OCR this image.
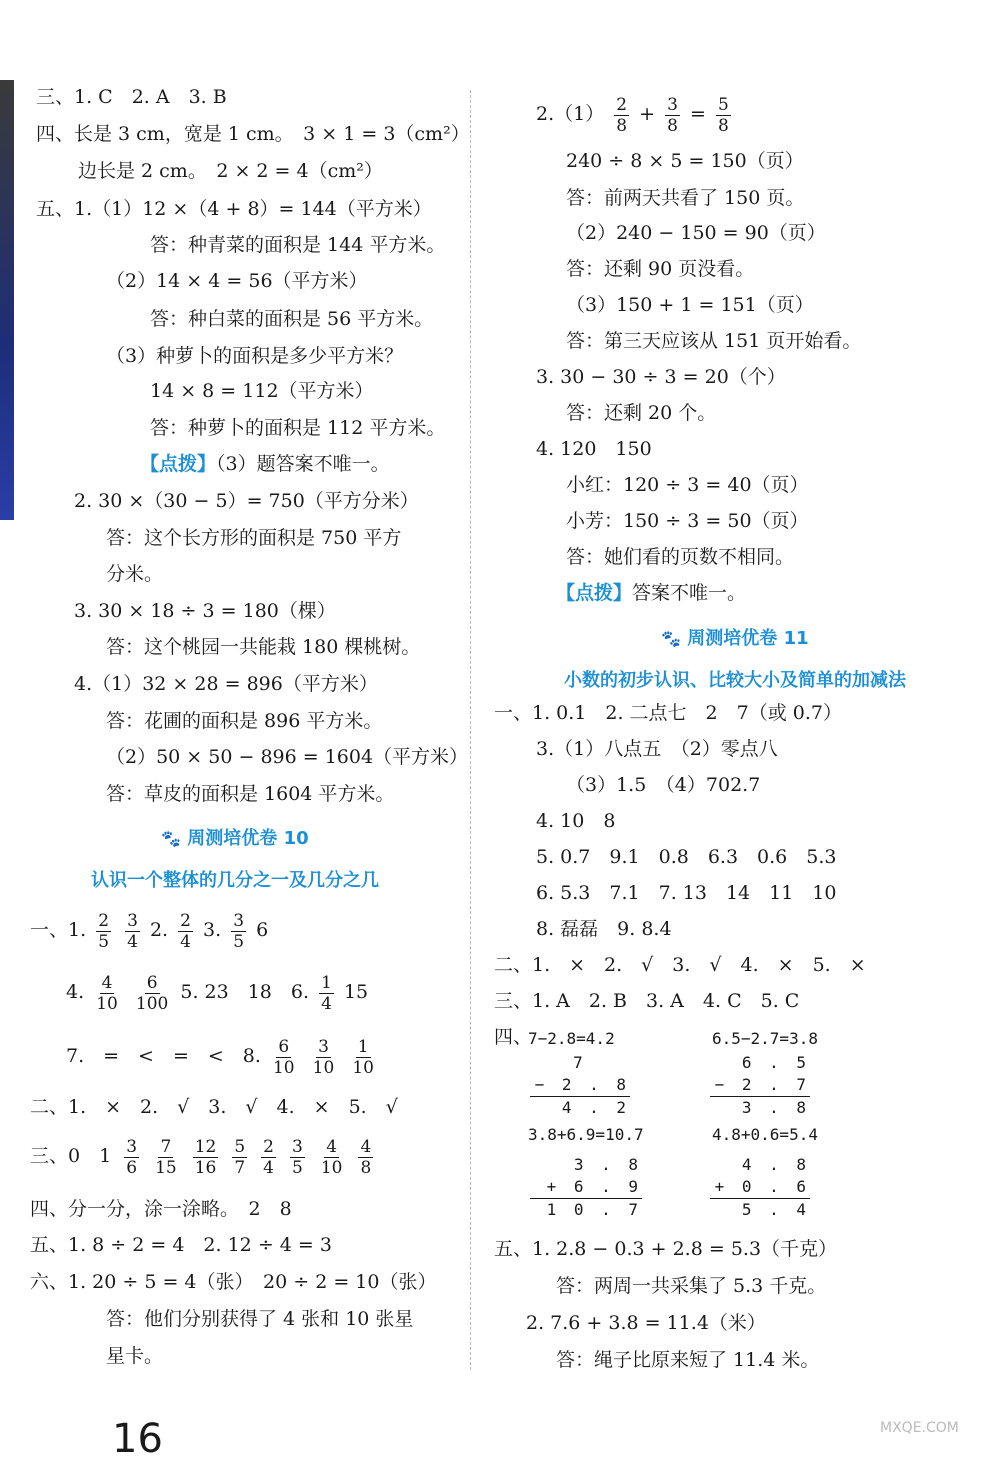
三、1. C　2. A　3. B
四、长是 3 cm，宽是 1 cm。　3 × 1 = 3（cm²）
边长是 2 cm。　2 × 2 = 4（cm²）
五、1.（1）12 ×（4 + 8）= 144（平方米）
答：种青菜的面积是 144 平方米。
（2）14 × 4 = 56（平方米）
答：种白菜的面积是 56 平方米。
（3）种萝卜的面积是多少平方米？
14 × 8 = 112（平方米）
答：种萝卜的面积是 112 平方米。
【点拨】（3）题答案不唯一。
2. 30 ×（30 − 5）= 750（平方分米）
答：这个长方形的面积是 750 平方
分米。
3. 30 × 18 ÷ 3 = 180（棵）
答：这个桃园一共能栽 180 棵桃树。
4.（1）32 × 28 = 896（平方米）
答：花圃的面积是 896 平方米。
（2）50 × 50 − 896 = 1604（平方米）
答：草皮的面积是 1604 平方米。
🐾 周测培优卷 10
认识一个整体的几分之一及几分之几
一、1. $\frac{2}{5}$
$\frac{3}{4} 2$. $\frac{2}{4} 3$. $\frac{3}{5} 6$
4. $\frac{4}{10}$
$\frac{6}{100} 5$. 23　18　6. $\frac{1}{4} 15$
7.　=　<　=　<　8. $\frac{6}{10}$
$\frac{3}{10}$
$\frac{1}{10}$
二、1.　×　2.　√　3.　√　4.　×　5.　√
三、0　$1 \frac{3}{6} \frac{7}{15} \frac{12}{16} \frac{5}{7} \frac{2}{4} \frac{3}{5} \frac{4}{10} \frac{4}{8}$
四、分一分，涂一涂略。　2　8
五、1. 8 ÷ 2 = 4　2. 12 ÷ 4 = 3
六、1. 20 ÷ 5 = 4（张）　20 ÷ 2 = 10（张）
答：他们分别获得了 4 张和 10 张星
星卡。
$2.(1) \frac{2}{8} + \frac{3}{8} = \frac{5}{8}$
240 ÷ 8 × 5 = 150（页）
答：前两天共看了 150 页。
（2）240 − 150 = 90（页）
答：还剩 90 页没看。
（3）150 + 1 = 151（页）
答：第三天应该从 151 页开始看。
3. 30 − 30 ÷ 3 = 20（个）
答：还剩 20 个。
4. 120　150
小红：120 ÷ 3 = 40（页）
小芳：150 ÷ 3 = 50（页）
答：她们看的页数不相同。
【点拨】答案不唯一。
🐾 周测培优卷 11
小数的初步认识、比较大小及简单的加减法
一、1. 0.1　2. 二点七　2　7（或 0.7）
3.（1）八点五　（2）零点八
（3）1.5　（4）702.7
4. 10　8
5. 0.7　9.1　0.8　6.3　0.6　5.3
6. 5.3　7.1　7. 13　14　11　10
8. 磊磊　9. 8.4
二、1.　×　2.　√　3.　√　4.　×　5.　×
三、1. A　2. B　3. A　4. C　5. C
四、
7−2.8=4.2
7
− 2 . 8
4 . 2
6.5−2.7=3.8
6 . 5
− 2 . 7
3 . 8
3.8+6.9=10.7
3 . 8
+ 6 . 9
1 0 . 7
4.8+0.6=5.4
4 . 8
+ 0 . 6
5 . 4
五、1. 2.8 − 0.3 + 2.8 = 5.3（千克）
答：两周一共采集了 5.3 千克。
2. 7.6 + 3.8 = 11.4（米）
答：绳子比原来短了 11.4 米。
16	MXQE.COM
